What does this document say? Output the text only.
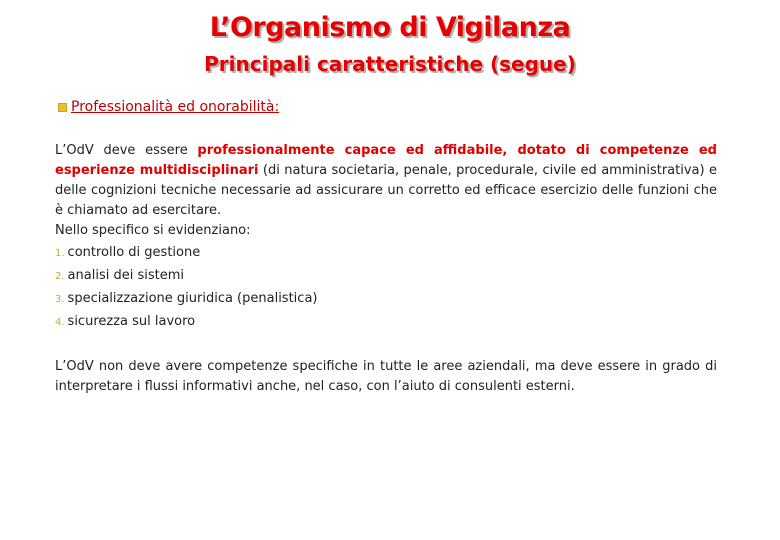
L’Organismo di Vigilanza
Principali caratteristiche (segue)
Professionalità ed onorabilità:
L’OdV deve essere professionalmente capace ed affidabile, dotato di competenze ed esperienze multidisciplinari (di natura societaria, penale, procedurale, civile ed amministrativa) e delle cognizioni tecniche necessarie ad assicurare un corretto ed efficace esercizio delle funzioni che è chiamato ad esercitare.
Nello specifico si evidenziano:
1. controllo di gestione
2. analisi dei sistemi
3. specializzazione giuridica (penalistica)
4. sicurezza sul lavoro
L’OdV non deve avere competenze specifiche in tutte le aree aziendali, ma deve essere in grado di interpretare i flussi informativi anche, nel caso, con l’aiuto di consulenti esterni.
